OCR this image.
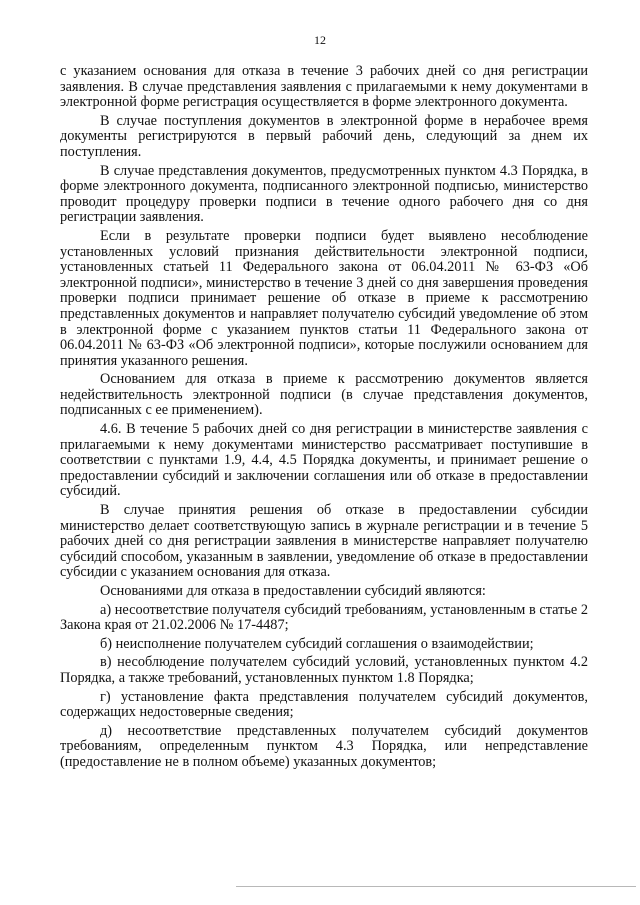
12

с указанием основания для отказа в течение 3 рабочих дней со дня регистрации заявления. В случае представления заявления с прилагаемыми к нему документами в электронной форме регистрация осуществляется в форме электронного документа.

В случае поступления документов в электронной форме в нерабочее время документы регистрируются в первый рабочий день, следующий за днем их поступления.

В случае представления документов, предусмотренных пунктом 4.3 Порядка, в форме электронного документа, подписанного электронной подписью, министерство проводит процедуру проверки подписи в течение одного рабочего дня со дня регистрации заявления.

Если в результате проверки подписи будет выявлено несоблюдение установленных условий признания действительности электронной подписи, установленных статьей 11 Федерального закона от 06.04.2011 № 63-ФЗ «Об электронной подписи», министерство в течение 3 дней со дня завершения проведения проверки подписи принимает решение об отказе в приеме к рассмотрению представленных документов и направляет получателю субсидий уведомление об этом в электронной форме с указанием пунктов статьи 11 Федерального закона от 06.04.2011 № 63-ФЗ «Об электронной подписи», которые послужили основанием для принятия указанного решения.

Основанием для отказа в приеме к рассмотрению документов является недействительность электронной подписи (в случае представления документов, подписанных с ее применением).

4.6. В течение 5 рабочих дней со дня регистрации в министерстве заявления с прилагаемыми к нему документами министерство рассматривает поступившие в соответствии с пунктами 1.9, 4.4, 4.5 Порядка документы, и принимает решение о предоставлении субсидий и заключении соглашения или об отказе в предоставлении субсидий.

В случае принятия решения об отказе в предоставлении субсидии министерство делает соответствующую запись в журнале регистрации и в течение 5 рабочих дней со дня регистрации заявления в министерстве направляет получателю субсидий способом, указанным в заявлении, уведомление об отказе в предоставлении субсидии с указанием основания для отказа.

Основаниями для отказа в предоставлении субсидий являются:

а) несоответствие получателя субсидий требованиям, установленным в статье 2 Закона края от 21.02.2006 № 17-4487;

б) неисполнение получателем субсидий соглашения о взаимодействии;

в) несоблюдение получателем субсидий условий, установленных пунктом 4.2 Порядка, а также требований, установленных пунктом 1.8 Порядка;

г) установление факта представления получателем субсидий документов, содержащих недостоверные сведения;

д) несоответствие представленных получателем субсидий документов требованиям, определенным пунктом 4.3 Порядка, или непредставление (предоставление не в полном объеме) указанных документов;
